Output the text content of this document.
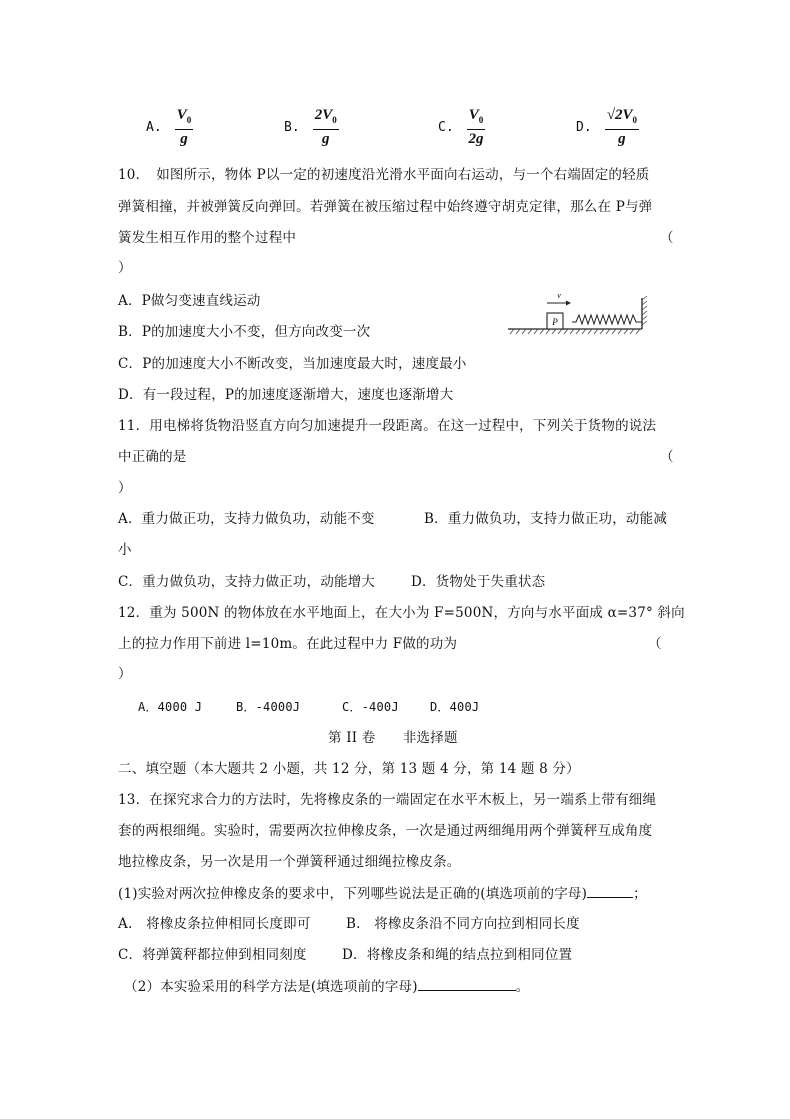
A. $\frac{V_0}{g}$	B. $\frac{2V_0}{g}$	C. $\frac{V_0}{2g}$	D. $\frac{√2V_0}{g}$
10．　如图所示，物体 P以一定的初速度沿光滑水平面向右运动，与一个右端固定的轻质
弹簧相撞，并被弹簧反向弹回。若弹簧在被压缩过程中始终遵守胡克定律，那么在 P与弹
簧发生相互作用的整个过程中	（
）
A．P做匀变速直线运动
B．P的加速度大小不变，但方向改变一次
C．P的加速度大小不断改变，当加速度最大时，速度最小
D．有一段过程，P的加速度逐渐增大，速度也逐渐增大
P
v
11．用电梯将货物沿竖直方向匀加速提升一段距离。在这一过程中，下列关于货物的说法
中正确的是	（
）
A．重力做正功，支持力做负功，动能不变	B．重力做负功，支持力做正功，动能减
小
C．重力做负功，支持力做正功，动能增大	D．货物处于失重状态
12．重为 500N 的物体放在水平地面上，在大小为 F=500N，方向与水平面成 α=37° 斜向
上的拉力作用下前进 l=10m。在此过程中力 F做的功为	（
）
A．4000 J	B．-4000J	C．-400J	D．400J
第 II 卷　　非选择题
二、填空题（本大题共 2 小题，共 12 分，第 13 题 4 分，第 14 题 8 分）
13．在探究求合力的方法时，先将橡皮条的一端固定在水平木板上，另一端系上带有细绳
套的两根细绳。实验时，需要两次拉伸橡皮条，一次是通过两细绳用两个弹簧秤互成角度
地拉橡皮条，另一次是用一个弹簧秤通过细绳拉橡皮条。
(1)实验对两次拉伸橡皮条的要求中，下列哪些说法是正确的(填选项前的字母)	；
A.　将橡皮条拉伸相同长度即可	B.　将橡皮条沿不同方向拉到相同长度
C．将弹簧秤都拉伸到相同刻度	D．将橡皮条和绳的结点拉到相同位置
（2）本实验采用的科学方法是(填选项前的字母)	。
